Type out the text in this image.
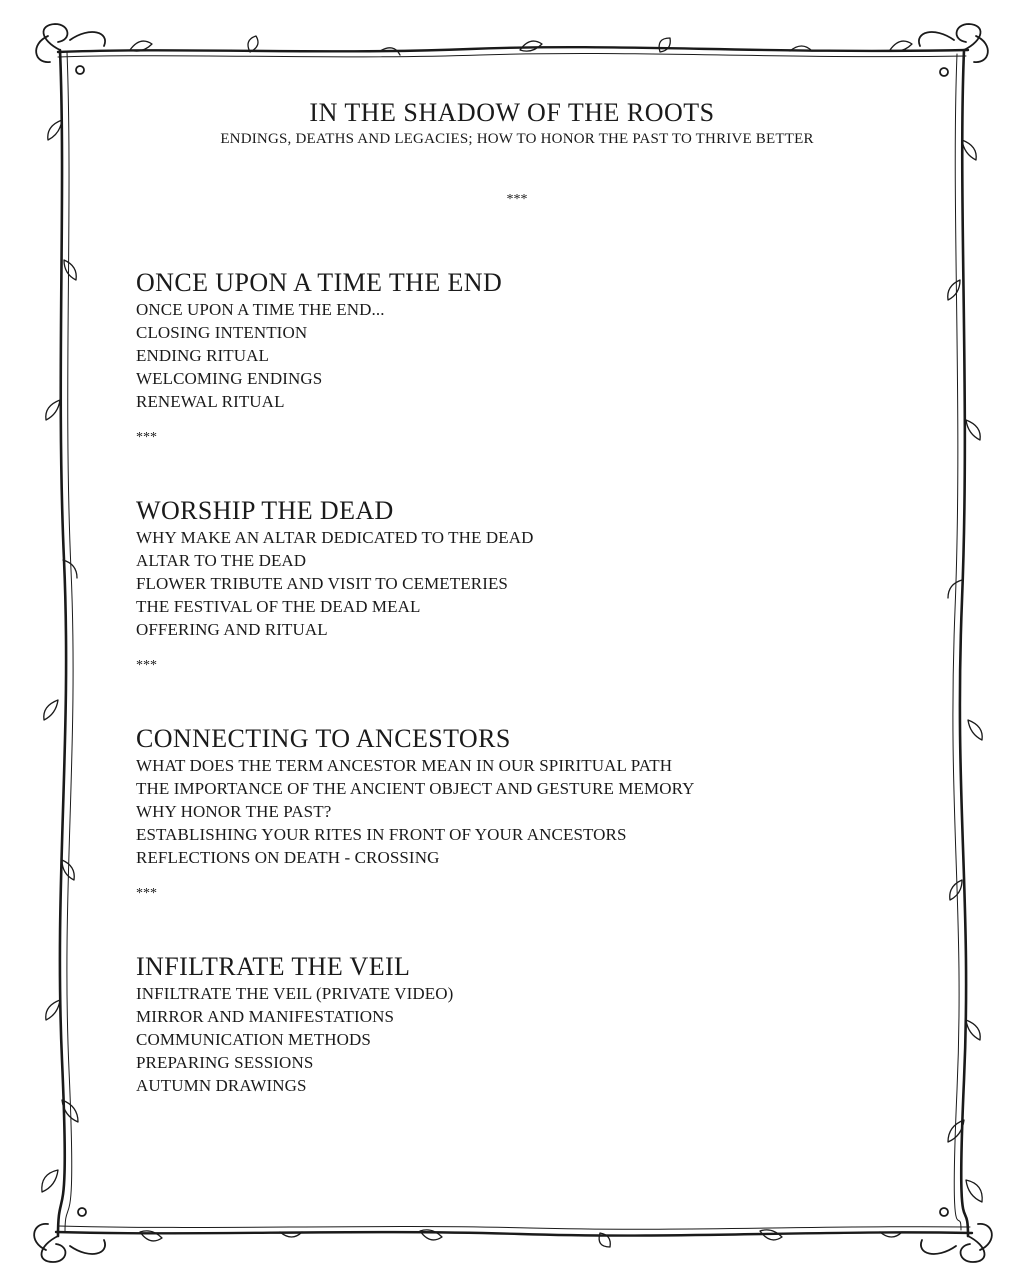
IN THE SHADOW OF THE ROOTS
ENDINGS, DEATHS AND LEGACIES; HOW TO HONOR THE PAST TO THRIVE BETTER
***
ONCE UPON A TIME THE END
ONCE UPON A TIME THE END...
CLOSING INTENTION
ENDING RITUAL
WELCOMING ENDINGS
RENEWAL RITUAL
***
WORSHIP THE DEAD
WHY MAKE AN ALTAR DEDICATED TO THE DEAD
ALTAR TO THE DEAD
FLOWER TRIBUTE AND VISIT TO CEMETERIES
THE FESTIVAL OF THE DEAD MEAL
OFFERING AND RITUAL
***
CONNECTING TO ANCESTORS
WHAT DOES THE TERM ANCESTOR MEAN IN OUR SPIRITUAL PATH
THE IMPORTANCE OF THE ANCIENT OBJECT AND GESTURE MEMORY
WHY HONOR THE PAST?
ESTABLISHING YOUR RITES IN FRONT OF YOUR ANCESTORS
REFLECTIONS ON DEATH - CROSSING
***
INFILTRATE THE VEIL
INFILTRATE THE VEIL (PRIVATE VIDEO)
MIRROR AND MANIFESTATIONS
COMMUNICATION METHODS
PREPARING SESSIONS
AUTUMN DRAWINGS
